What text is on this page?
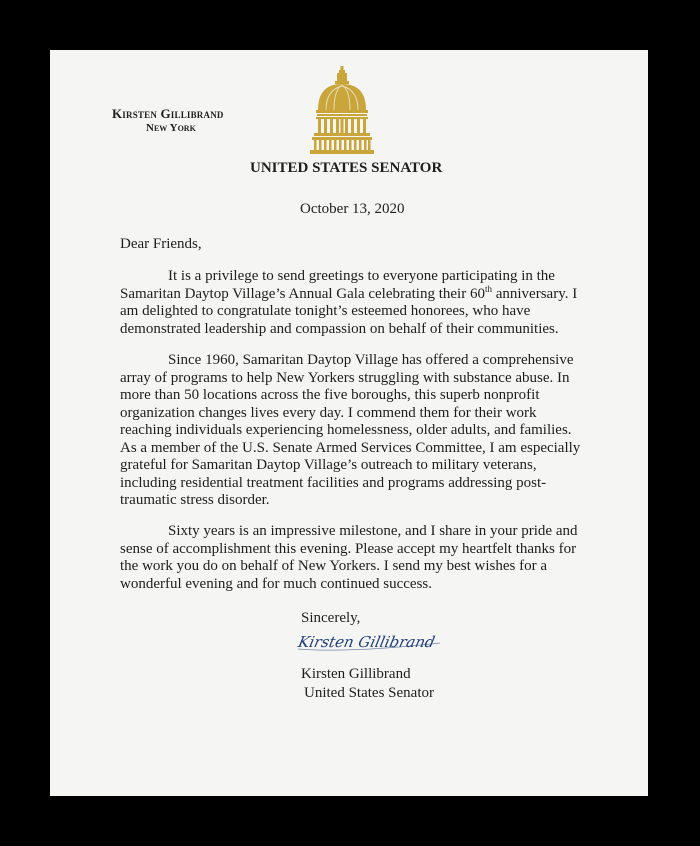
Kirsten Gillibrand
New York
UNITED STATES SENATOR
October 13, 2020
Dear Friends,

It is a privilege to send greetings to everyone participating in the Samaritan Daytop Village’s Annual Gala celebrating their 60th anniversary. I am delighted to congratulate tonight’s esteemed honorees, who have demonstrated leadership and compassion on behalf of their communities.

Since 1960, Samaritan Daytop Village has offered a comprehensive array of programs to help New Yorkers struggling with substance abuse. In more than 50 locations across the five boroughs, this superb nonprofit organization changes lives every day. I commend them for their work reaching individuals experiencing homelessness, older adults, and families. As a member of the U.S. Senate Armed Services Committee, I am especially grateful for Samaritan Daytop Village’s outreach to military veterans, including residential treatment facilities and programs addressing post-traumatic stress disorder.

Sixty years is an impressive milestone, and I share in your pride and sense of accomplishment this evening. Please accept my heartfelt thanks for the work you do on behalf of New Yorkers. I send my best wishes for a wonderful evening and for much continued success.

Sincerely,
Kirsten Gillibrand
Kirsten Gillibrand
United States Senator
